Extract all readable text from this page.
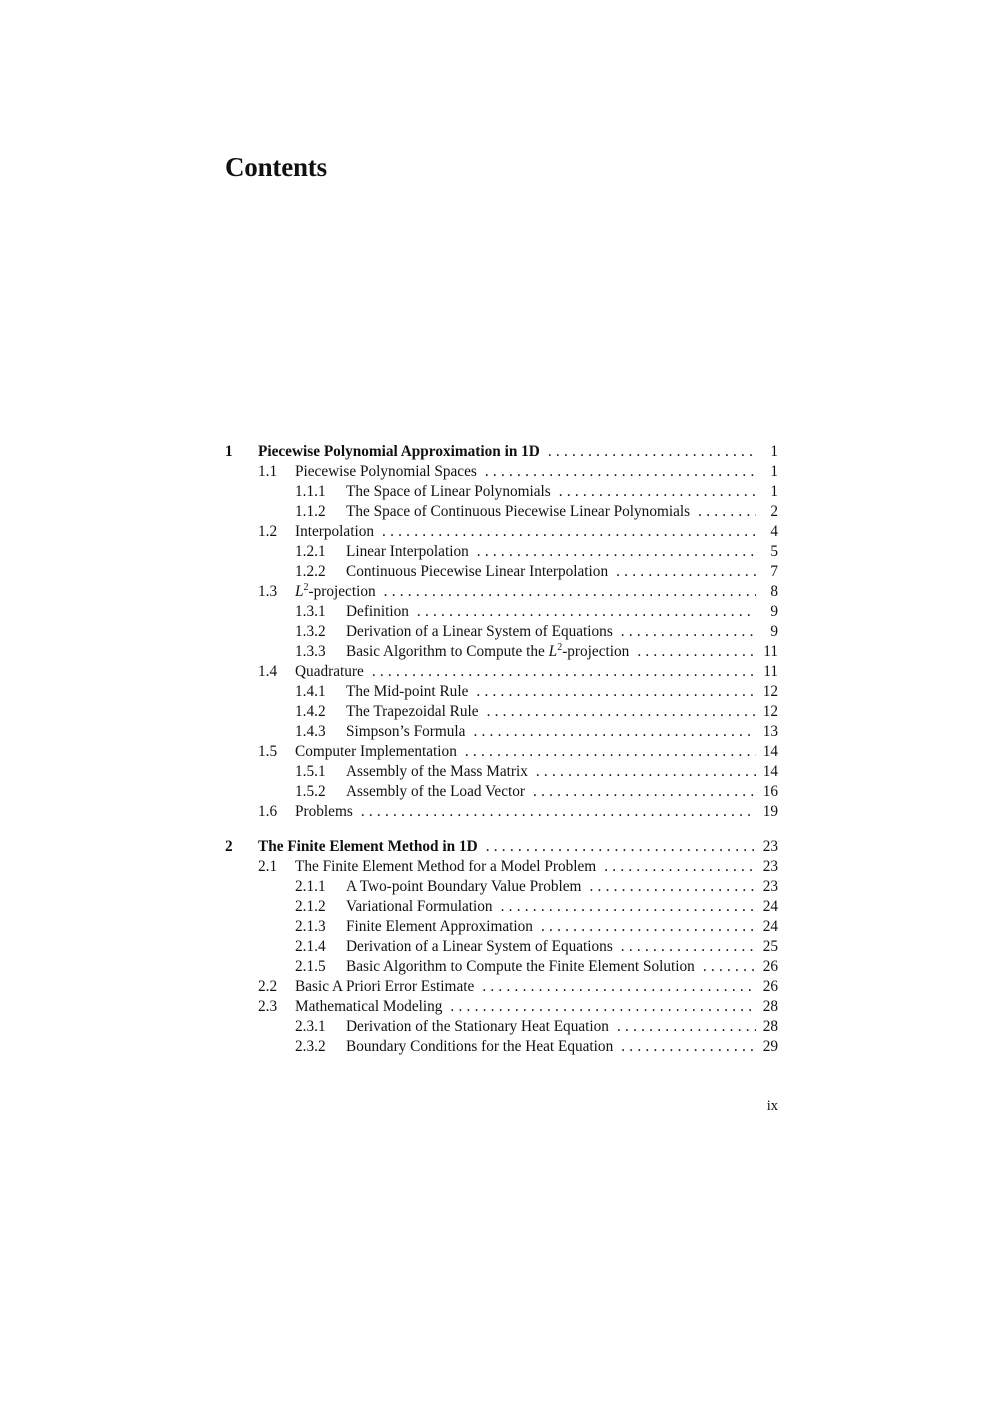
Contents
1 Piecewise Polynomial Approximation in 1D . . .	1
1.1 Piecewise Polynomial Spaces . . .	1
1.1.1 The Space of Linear Polynomials . . .	1
1.1.2 The Space of Continuous Piecewise Linear Polynomials . . .	2
1.2 Interpolation . . .	4
1.2.1 Linear Interpolation . . .	5
1.2.2 Continuous Piecewise Linear Interpolation . . .	7
1.3 $L^2$-projection . . .	8
1.3.1 Definition . . .	9
1.3.2 Derivation of a Linear System of Equations . . .	9
1.3.3 Basic Algorithm to Compute the $L^2$-projection . . .	11
1.4 Quadrature . . .	11
1.4.1 The Mid-point Rule . . .	12
1.4.2 The Trapezoidal Rule . . .	12
1.4.3 Simpson’s Formula . . .	13
1.5 Computer Implementation . . .	14
1.5.1 Assembly of the Mass Matrix . . .	14
1.5.2 Assembly of the Load Vector . . .	16
1.6 Problems . . .	19
2 The Finite Element Method in 1D . . .	23
2.1 The Finite Element Method for a Model Problem . . .	23
2.1.1 A Two-point Boundary Value Problem . . .	23
2.1.2 Variational Formulation . . .	24
2.1.3 Finite Element Approximation . . .	24
2.1.4 Derivation of a Linear System of Equations . . .	25
2.1.5 Basic Algorithm to Compute the Finite Element Solution . . .	26
2.2 Basic A Priori Error Estimate . . .	26
2.3 Mathematical Modeling . . .	28
2.3.1 Derivation of the Stationary Heat Equation . . .	28
2.3.2 Boundary Conditions for the Heat Equation . . .	29
ix
